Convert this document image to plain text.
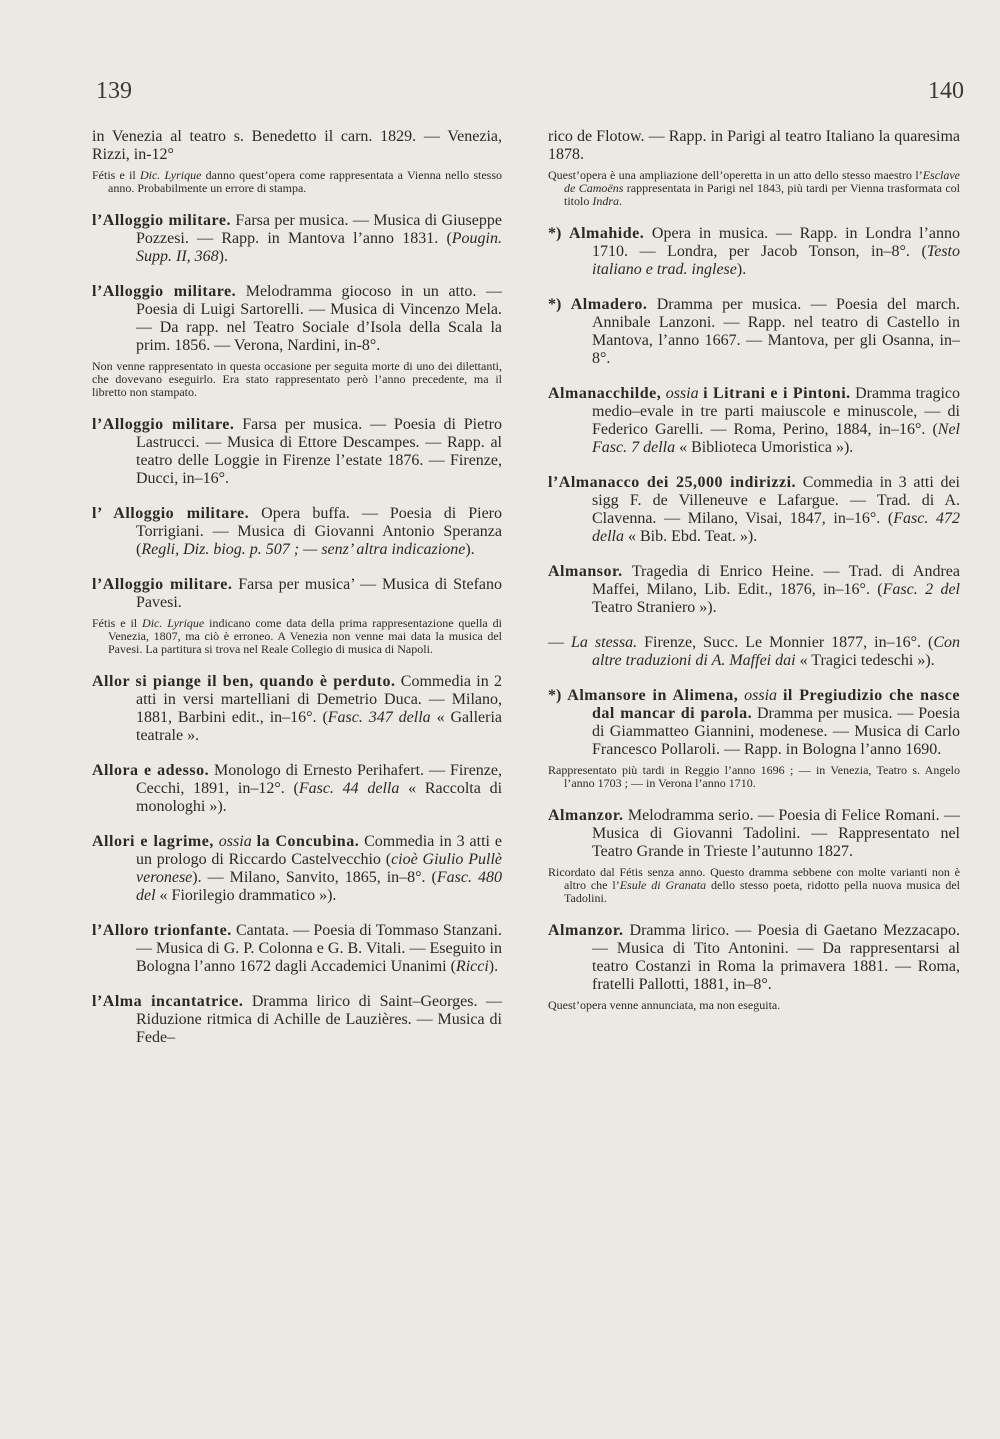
139	140

in Venezia al teatro s. Benedetto il carn. 1829. — Venezia, Rizzi, in-12°

Fétis e il Dic. Lyrique danno quest’opera come rappresentata a Vienna nello stesso anno. Probabilmente un errore di stampa.

l’Alloggio militare. Farsa per musica. — Musica di Giuseppe Pozzesi. — Rapp. in Mantova l’anno 1831. (Pougin. Supp. II, 368).

l’Alloggio militare. Melodramma giocoso in un atto. — Poesia di Luigi Sartorelli. — Musica di Vincenzo Mela. — Da rapp. nel Teatro Sociale d’Isola della Scala la prim. 1856. — Verona, Nardini, in-8°.

Non venne rappresentato in questa occasione per seguita morte di uno dei dilettanti, che dovevano eseguirlo. Era stato rappresentato però l’anno precedente, ma il libretto non stampato.

l’Alloggio militare. Farsa per musica. — Poesia di Pietro Lastrucci. — Musica di Ettore Descampes. — Rapp. al teatro delle Loggie in Firenze l’estate 1876. — Firenze, Ducci, in–16°.

l’ Alloggio militare. Opera buffa. — Poesia di Piero Torrigiani. — Musica di Giovanni Antonio Speranza (Regli, Diz. biog. p. 507 ; — senz’ altra indicazione).

l’Alloggio militare. Farsa per musica’ — Musica di Stefano Pavesi.

Fétis e il Dic. Lyrique indicano come data della prima rappresentazione quella di Venezia, 1807, ma ciò è erroneo. A Venezia non venne mai data la musica del Pavesi. La partitura si trova nel Reale Collegio di musica di Napoli.

Allor si piange il ben, quando è perduto. Commedia in 2 atti in versi martelliani di Demetrio Duca. — Milano, 1881, Barbini edit., in–16°. (Fasc. 347 della « Galleria teatrale ».

Allora e adesso. Monologo di Ernesto Perihafert. — Firenze, Cecchi, 1891, in–12°. (Fasc. 44 della « Raccolta di monologhi »).

Allori e lagrime, ossia la Concubina. Commedia in 3 atti e un prologo di Riccardo Castelvecchio (cioè Giulio Pullè veronese). — Milano, Sanvito, 1865, in–8°. (Fasc. 480 del « Fiorilegio drammatico »).

l’Alloro trionfante. Cantata. — Poesia di Tommaso Stanzani. — Musica di G. P. Colonna e G. B. Vitali. — Eseguito in Bologna l’anno 1672 dagli Accademici Unanimi (Ricci).

l’Alma incantatrice. Dramma lirico di Saint–Georges. — Riduzione ritmica di Achille de Lauzières. — Musica di Fede–

rico de Flotow. — Rapp. in Parigi al teatro Italiano la quaresima 1878.

Quest’opera è una ampliazione dell’operetta in un atto dello stesso maestro l’Esclave de Camoëns rappresentata in Parigi nel 1843, più tardi per Vienna trasformata col titolo Indra.

*) Almahide. Opera in musica. — Rapp. in Londra l’anno 1710. — Londra, per Jacob Tonson, in–8°. (Testo italiano e trad. inglese).

*) Almadero. Dramma per musica. — Poesia del march. Annibale Lanzoni. — Rapp. nel teatro di Castello in Mantova, l’anno 1667. — Mantova, per gli Osanna, in–8°.

Almanacchilde, ossia i Litrani e i Pintoni. Dramma tragico medio–evale in tre parti maiuscole e minuscole, — di Federico Garelli. — Roma, Perino, 1884, in–16°. (Nel Fasc. 7 della « Biblioteca Umoristica »).

l’Almanacco dei 25,000 indirizzi. Commedia in 3 atti dei sigg F. de Villeneuve e Lafargue. — Trad. di A. Clavenna. — Milano, Visai, 1847, in–16°. (Fasc. 472 della « Bib. Ebd. Teat. »).

Almansor. Tragedia di Enrico Heine. — Trad. di Andrea Maffei, Milano, Lib. Edit., 1876, in–16°. (Fasc. 2 del Teatro Straniero »).

— La stessa. Firenze, Succ. Le Monnier 1877, in–16°. (Con altre traduzioni di A. Maffei dai « Tragici tedeschi »).

*) Almansore in Alimena, ossia il Pregiudizio che nasce dal mancar di parola. Dramma per musica. — Poesia di Giammatteo Giannini, modenese. — Musica di Carlo Francesco Pollaroli. — Rapp. in Bologna l’anno 1690.

Rappresentato più tardi in Reggio l’anno 1696 ; — in Venezia, Teatro s. Angelo l’anno 1703 ; — in Verona l’anno 1710.

Almanzor. Melodramma serio. — Poesia di Felice Romani. — Musica di Giovanni Tadolini. — Rappresentato nel Teatro Grande in Trieste l’autunno 1827.

Ricordato dal Fétis senza anno. Questo dramma sebbene con molte varianti non è altro che l’Esule di Granata dello stesso poeta, ridotto pella nuova musica del Tadolini.

Almanzor. Dramma lirico. — Poesia di Gaetano Mezzacapo. — Musica di Tito Antonini. — Da rappresentarsi al teatro Costanzi in Roma la primavera 1881. — Roma, fratelli Pallotti, 1881, in–8°.

Quest’opera venne annunciata, ma non eseguita.
